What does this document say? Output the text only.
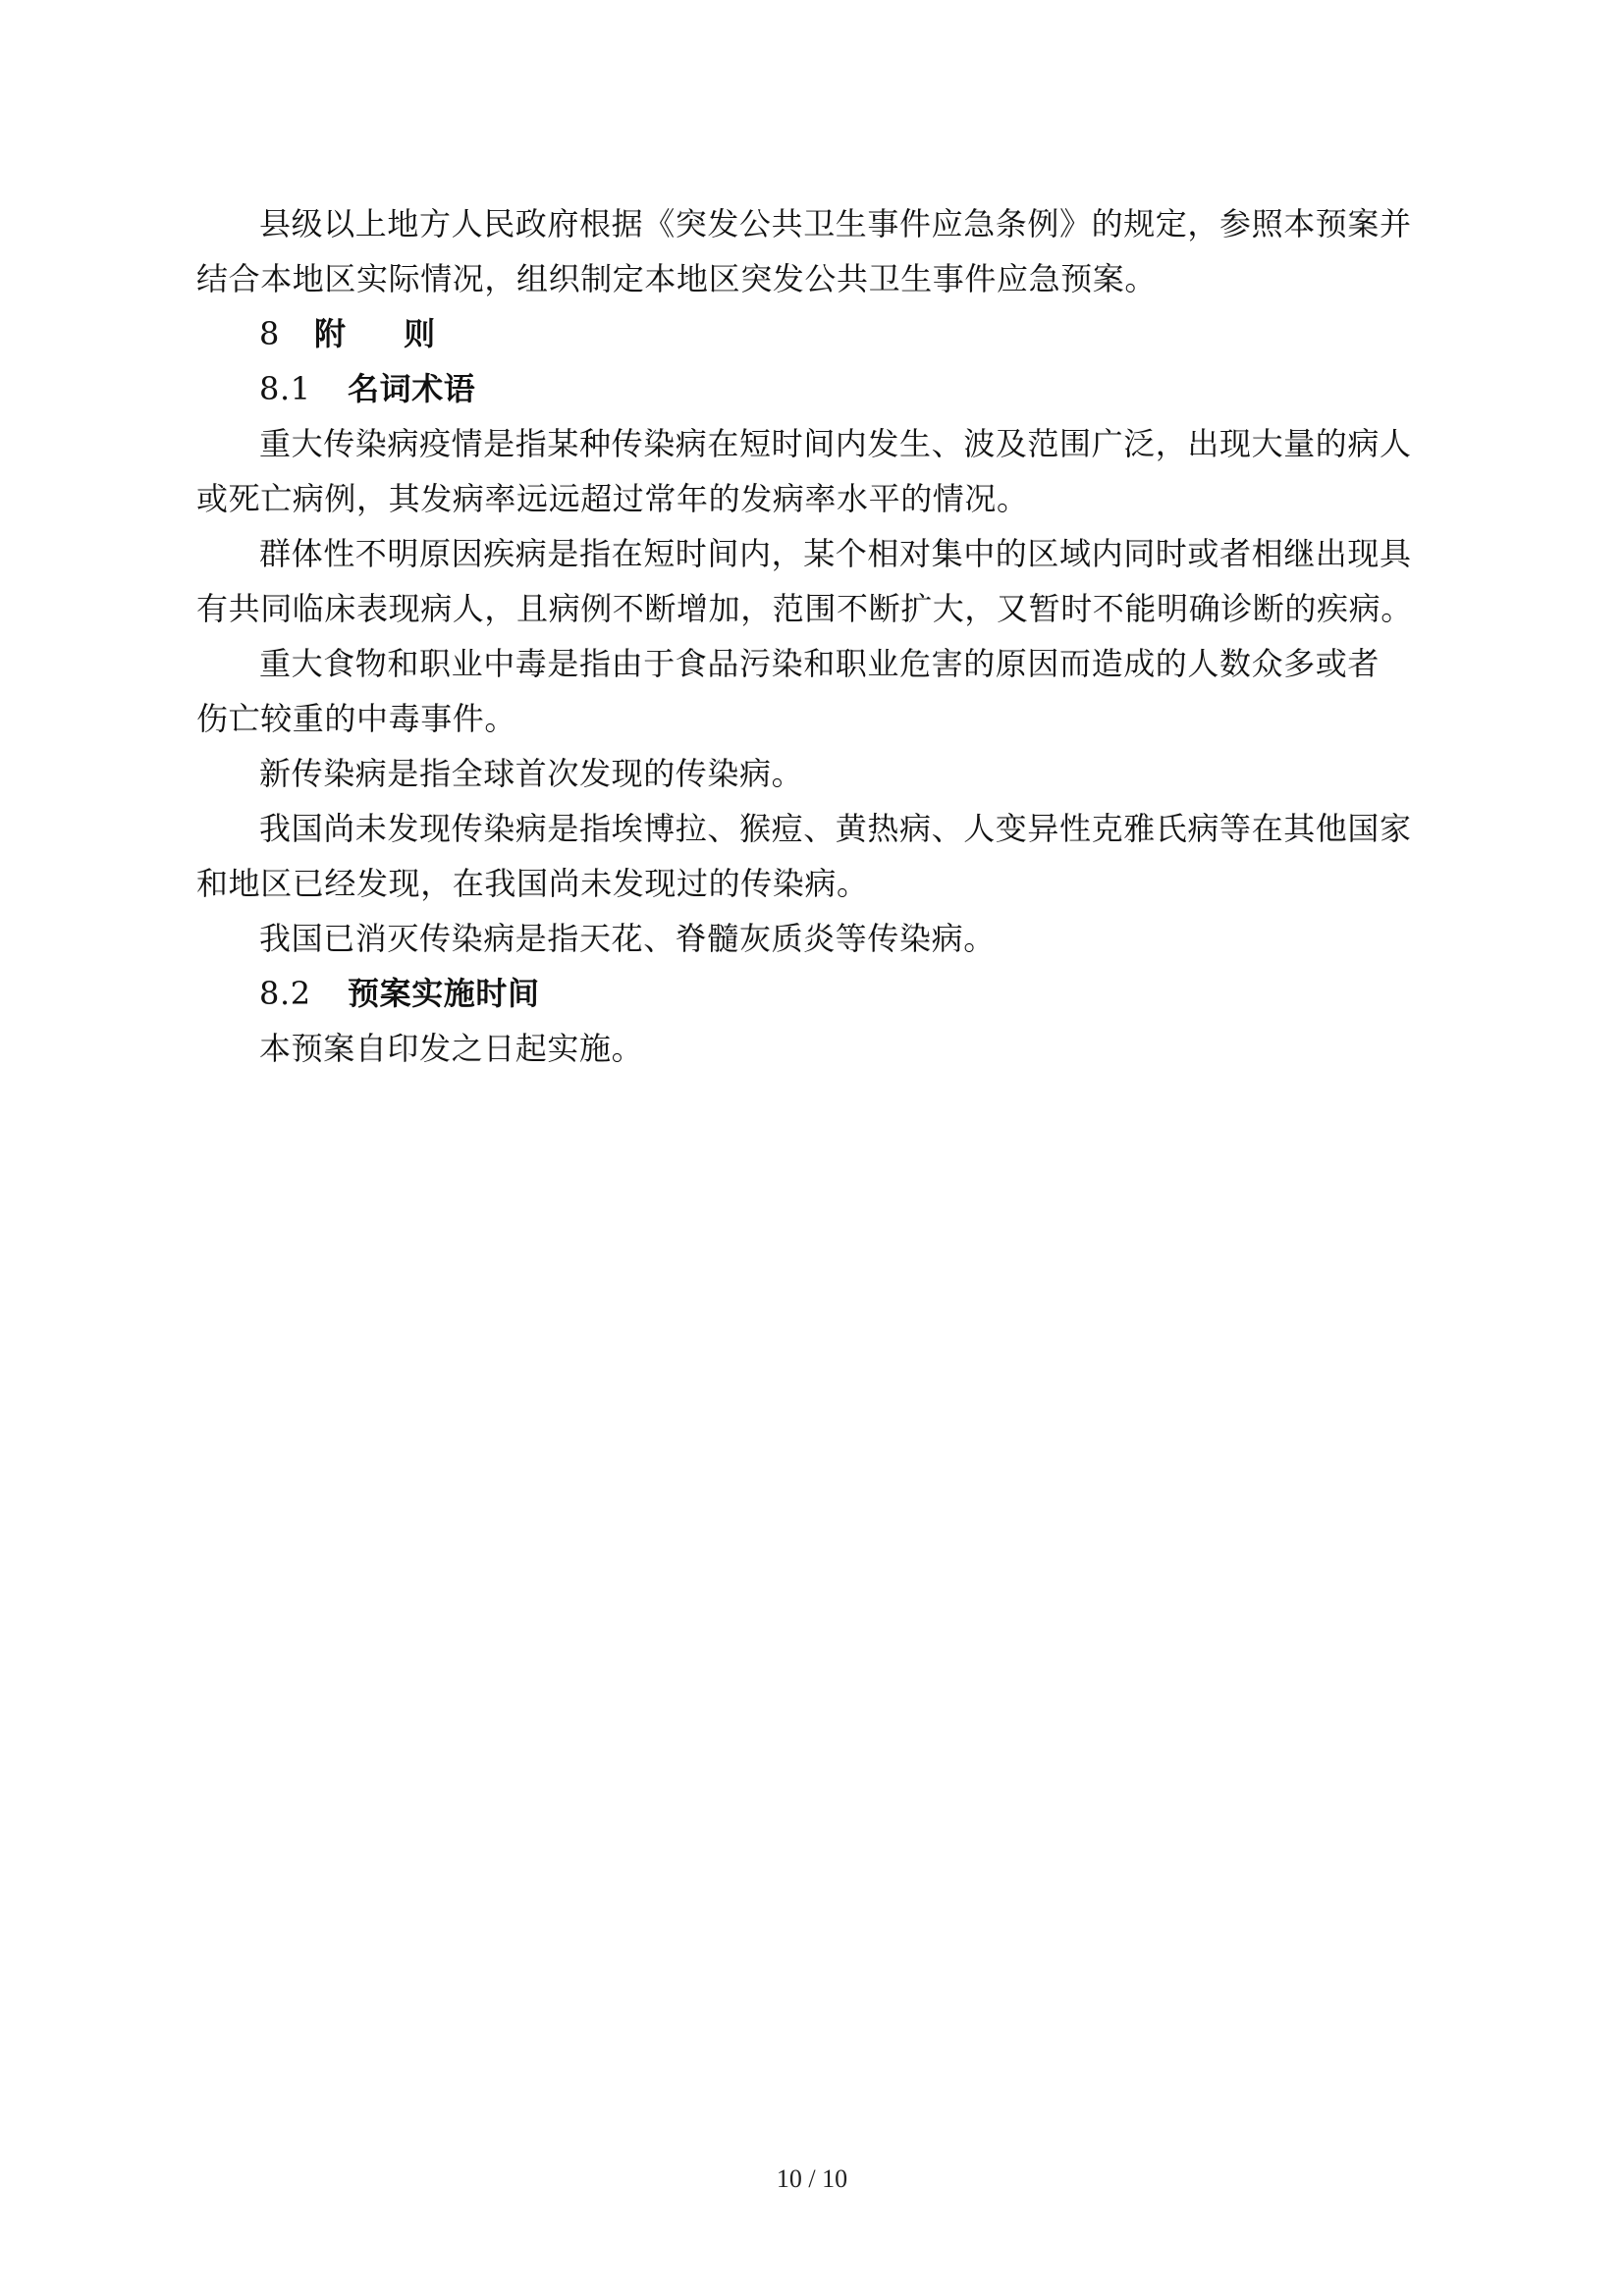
县级以上地方人民政府根据《突发公共卫生事件应急条例》的规定，参照本预案并
结合本地区实际情况，组织制定本地区突发公共卫生事件应急预案。
8 附 则
8.1 名词术语
重大传染病疫情是指某种传染病在短时间内发生、波及范围广泛，出现大量的病人
或死亡病例，其发病率远远超过常年的发病率水平的情况。
群体性不明原因疾病是指在短时间内，某个相对集中的区域内同时或者相继出现具
有共同临床表现病人，且病例不断增加，范围不断扩大，又暂时不能明确诊断的疾病。
重大食物和职业中毒是指由于食品污染和职业危害的原因而造成的人数众多或者
伤亡较重的中毒事件。
新传染病是指全球首次发现的传染病。
我国尚未发现传染病是指埃博拉、猴痘、黄热病、人变异性克雅氏病等在其他国家
和地区已经发现，在我国尚未发现过的传染病。
我国已消灭传染病是指天花、脊髓灰质炎等传染病。
8.2 预案实施时间
本预案自印发之日起实施。
10 / 10
